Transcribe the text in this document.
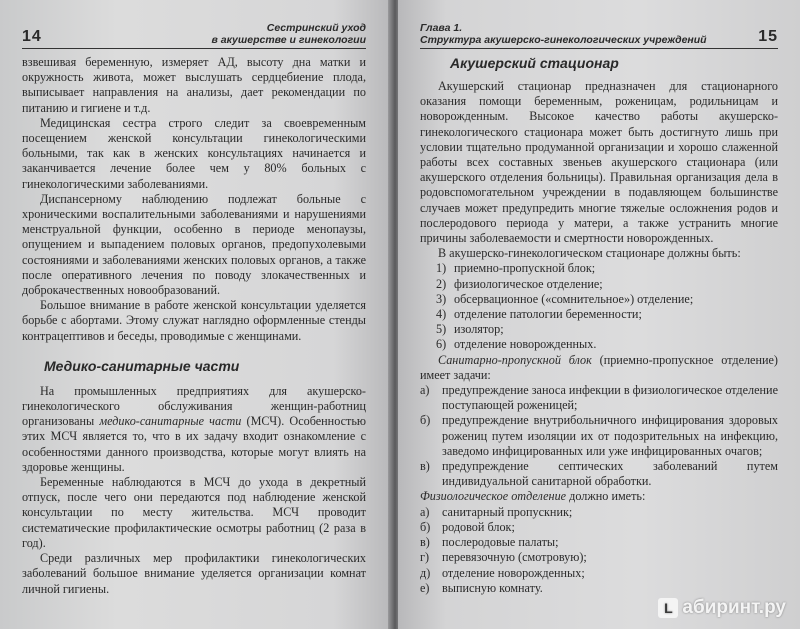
14	Сестринский уход
в акушерстве и гинекологии

взвешивая беременную, измеряет АД, высоту дна матки и окружность живота, может выслушать сердцебиение плода, выписывает направления на анализы, дает рекомендации по питанию и гигиене и т.д.

Медицинская сестра строго следит за своевременным посещением женской консультации гинекологическими больными, так как в женских консультациях начинается и заканчивается лечение более чем у 80% больных с гинекологическими заболеваниями.

Диспансерному наблюдению подлежат больные с хроническими воспалительными заболеваниями и нарушениями менструальной функции, особенно в периоде менопаузы, опущением и выпадением половых органов, предопухолевыми состояниями и заболеваниями женских половых органов, а также после оперативного лечения по поводу злокачественных и доброкачественных новообразований.

Большое внимание в работе женской консультации уделяется борьбе с абортами. Этому служат наглядно оформленные стенды контрацептивов и беседы, проводимые с женщинами.

Медико-санитарные части

На промышленных предприятиях для акушерско-гинекологического обслуживания женщин-работниц организованы медико-санитарные части (МСЧ). Особенностью этих МСЧ является то, что в их задачу входит ознакомление с особенностями данного производства, которые могут влиять на здоровье женщины.

Беременные наблюдаются в МСЧ до ухода в декретный отпуск, после чего они передаются под наблюдение женской консультации по месту жительства. МСЧ проводит систематические профилактические осмотры работниц (2 раза в год).

Среди различных мер профилактики гинекологических заболеваний большое внимание уделяется организации комнат личной гигиены.

Глава 1.
Структура акушерско-гинекологических учреждений	15
Акушерский стационар

Акушерский стационар предназначен для стационарного оказания помощи беременным, роженицам, родильницам и новорожденным. Высокое качество работы акушерско-гинекологического стационара может быть достигнуто лишь при условии тщательно продуманной организации и хорошо слаженной работы всех составных звеньев акушерского стационара (или акушерского отделения больницы). Правильная организация дела в родовспомогательном учреждении в подавляющем большинстве случаев может предупредить многие тяжелые осложнения родов и послеродового периода у матери, а также устранить многие причины заболеваемости и смертности новорожденных.

В акушерско-гинекологическом стационаре должны быть:

1) приемно-пропускной блок;
2) физиологическое отделение;
3) обсервационное («сомнительное») отделение;
4) отделение патологии беременности;
5) изолятор;
6) отделение новорожденных.

Санитарно-пропускной блок (приемно-пропускное отделение) имеет задачи:

а)	предупреждение заноса инфекции в физиологическое отделение поступающей роженицей;
б) предупреждение внутрибольничного инфицирования здоровых рожениц путем изоляции их от подозрительных на инфекцию, заведомо инфицированных или уже инфицированных очагов;
в) предупреждение септических заболеваний путем индивидуальной санитарной обработки.

Физиологическое отделение должно иметь:

а)	санитарный пропускник;
б) родовой блок;
в) послеродовые палаты;
г)	перевязочную (смотровую);
д) отделение новорожденных;
е)	выписную комнату.
L абиринт.ру
